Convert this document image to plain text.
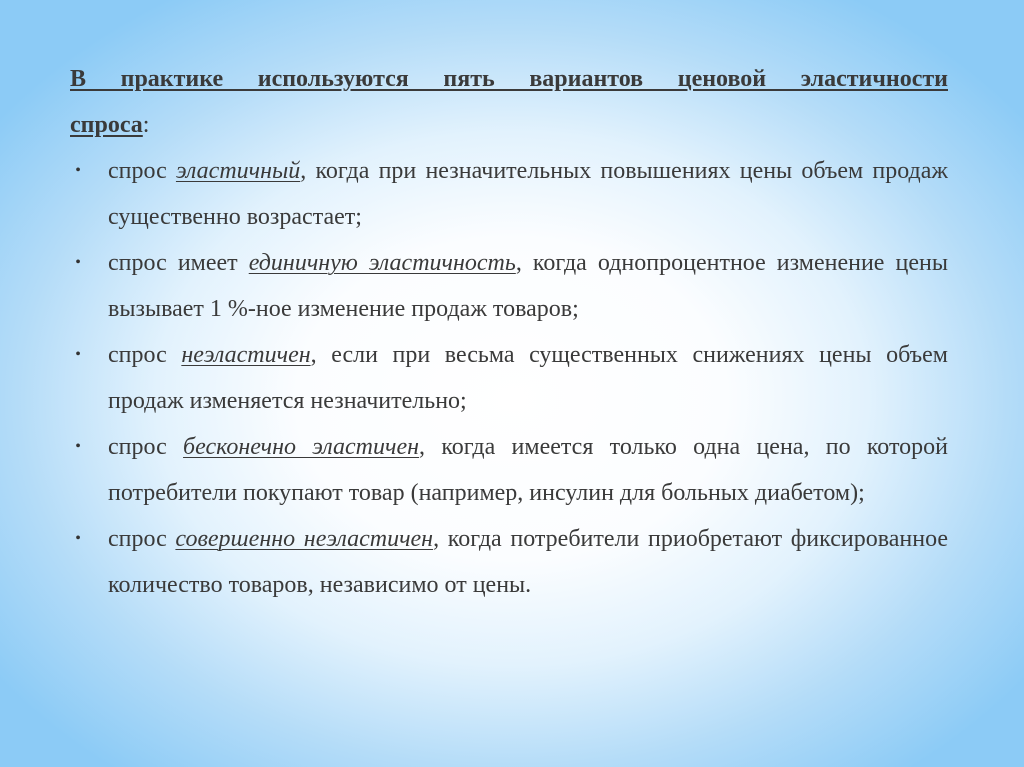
В практике используются пять вариантов ценовой эластичности

спроса:

• спрос эластичный, когда при незначительных повышениях цены объем продаж существенно возрастает;
• спрос имеет единичную эластичность, когда однопроцентное изменение цены вызывает 1 %-ное изменение продаж товаров;
• спрос неэластичен, если при весьма существенных снижениях цены объем продаж изменяется незначительно;
• спрос бесконечно эластичен, когда имеется только одна цена, по которой потребители покупают товар (например, инсулин для больных диабетом);
• спрос совершенно неэластичен, когда потребители приобретают фиксированное количество товаров, независимо от цены.
